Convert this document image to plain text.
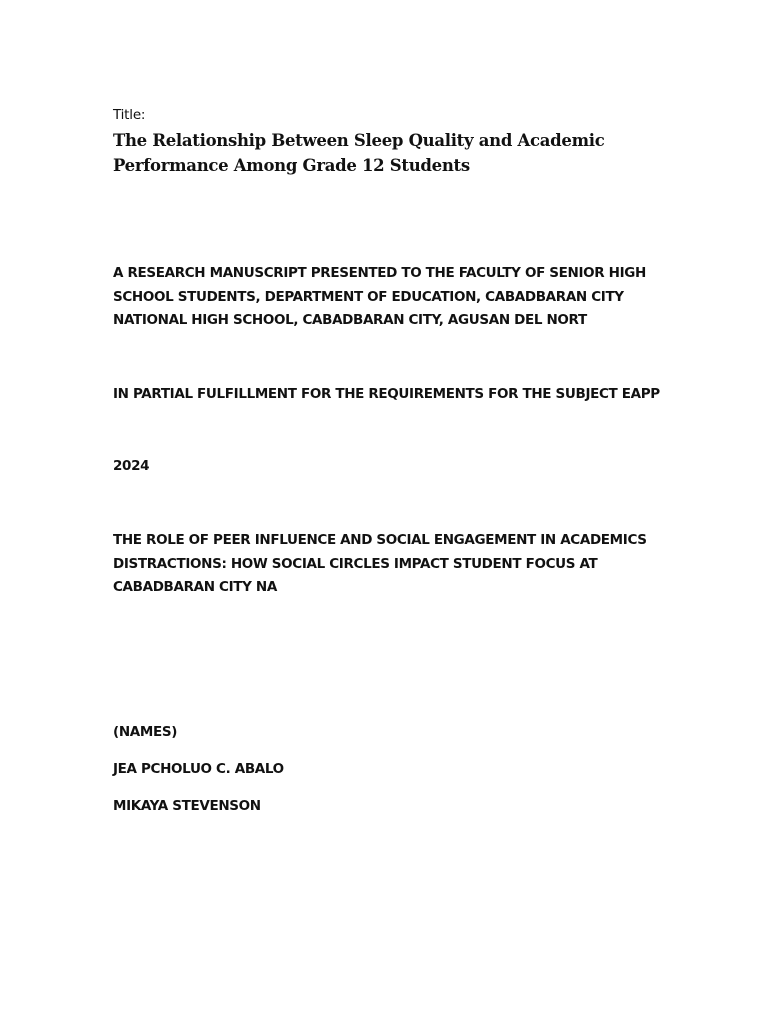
Title:
The Relationship Between Sleep Quality and Academic
Performance Among Grade 12 Students
A RESEARCH MANUSCRIPT PRESENTED TO THE FACULTY OF SENIOR HIGH
SCHOOL STUDENTS, DEPARTMENT OF EDUCATION, CABADBARAN CITY
NATIONAL HIGH SCHOOL, CABADBARAN CITY, AGUSAN DEL NORT
IN PARTIAL FULFILLMENT FOR THE REQUIREMENTS FOR THE SUBJECT EAPP
2024
THE ROLE OF PEER INFLUENCE AND SOCIAL ENGAGEMENT IN ACADEMICS
DISTRACTIONS: HOW SOCIAL CIRCLES IMPACT STUDENT FOCUS AT
CABADBARAN CITY NA
(NAMES)
JEA PCHOLUO C. ABALO
MIKAYA STEVENSON
